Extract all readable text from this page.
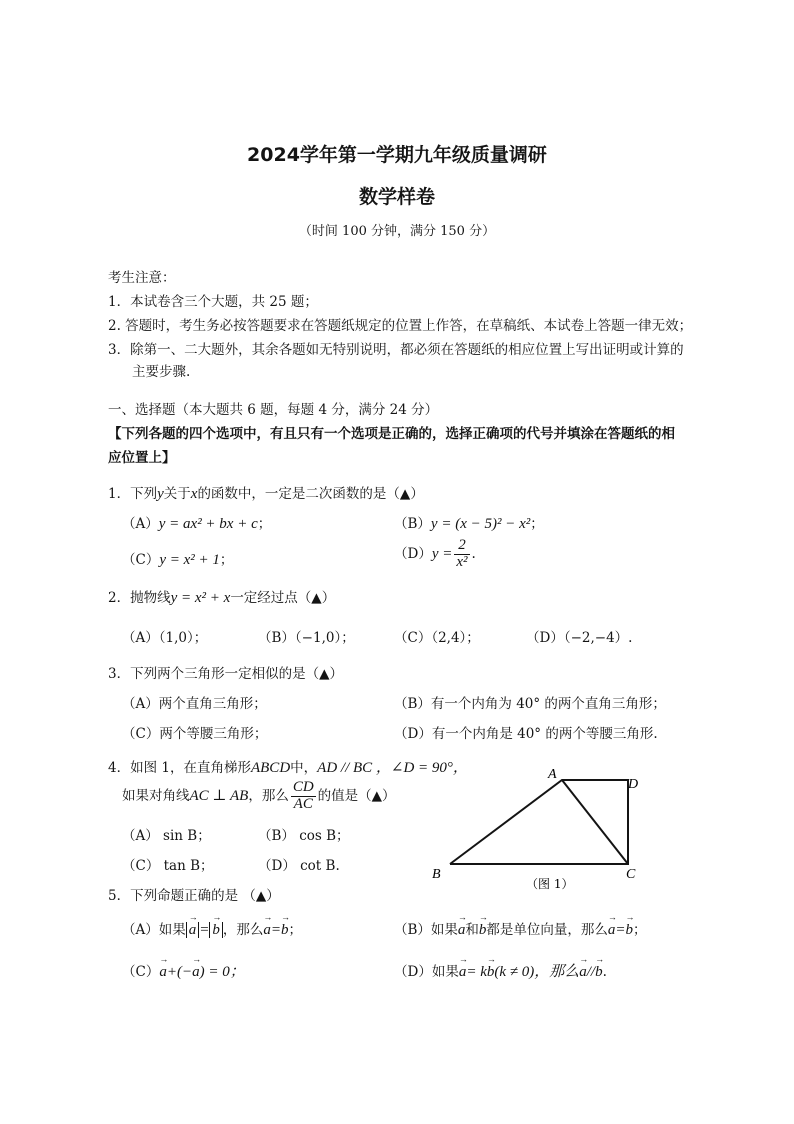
2024学年第一学期九年级质量调研
数学样卷
（时间 100 分钟，满分 150 分）
考生注意：
1．本试卷含三个大题，共 25 题；
2. 答题时，考生务必按答题要求在答题纸规定的位置上作答，在草稿纸、本试卷上答题一律无效；
3．除第一、二大题外，其余各题如无特别说明，都必须在答题纸的相应位置上写出证明或计算的
主要步骤.
一、选择题（本大题共 6 题，每题 4 分，满分 24 分）
【下列各题的四个选项中，有且只有一个选项是正确的，选择正确项的代号并填涂在答题纸的相
应位置上】
1．下列y关于x的函数中，一定是二次函数的是（▲）
（A）y = ax² + bx + c；	（B）y = (x − 5)² − x²；
（C）y = x² + 1；	$(D)y = \frac{2}{\text{x²}}$ .
2．抛物线y = x² + x一定经过点（▲）
（A）（1,0）；	（B）（−1,0）；	（C）（2,4）；	（D）（−2,−4）.
3．下列两个三角形一定相似的是（▲）
（A）两个直角三角形；	（B）有一个内角为 40° 的两个直角三角形；
（C）两个等腰三角形；	（D）有一个内角是 40° 的两个等腰三角形.
4．如图 1，在直角梯形ABCD中，AD // BC ，∠D = 90°，
如果对角线AC ⊥ AB，那么 $\frac{CD}{AC}$ 的值是（▲）
（A） sin B；	（B） cos B；
（C） tan B；	（D） cot B.
A
D
B	C
（图 1）
5．下列命题正确的是 （▲）
（A）如果 → a = → b ，那么→ a=→ b；	（B）如果→ a和→ b都是单位向量，那么→ a=→ b；
（C）→ a+(−→ a) = 0；	（D）如果→ a= k→ b(k ≠ 0)，那么→ a//→ b.
